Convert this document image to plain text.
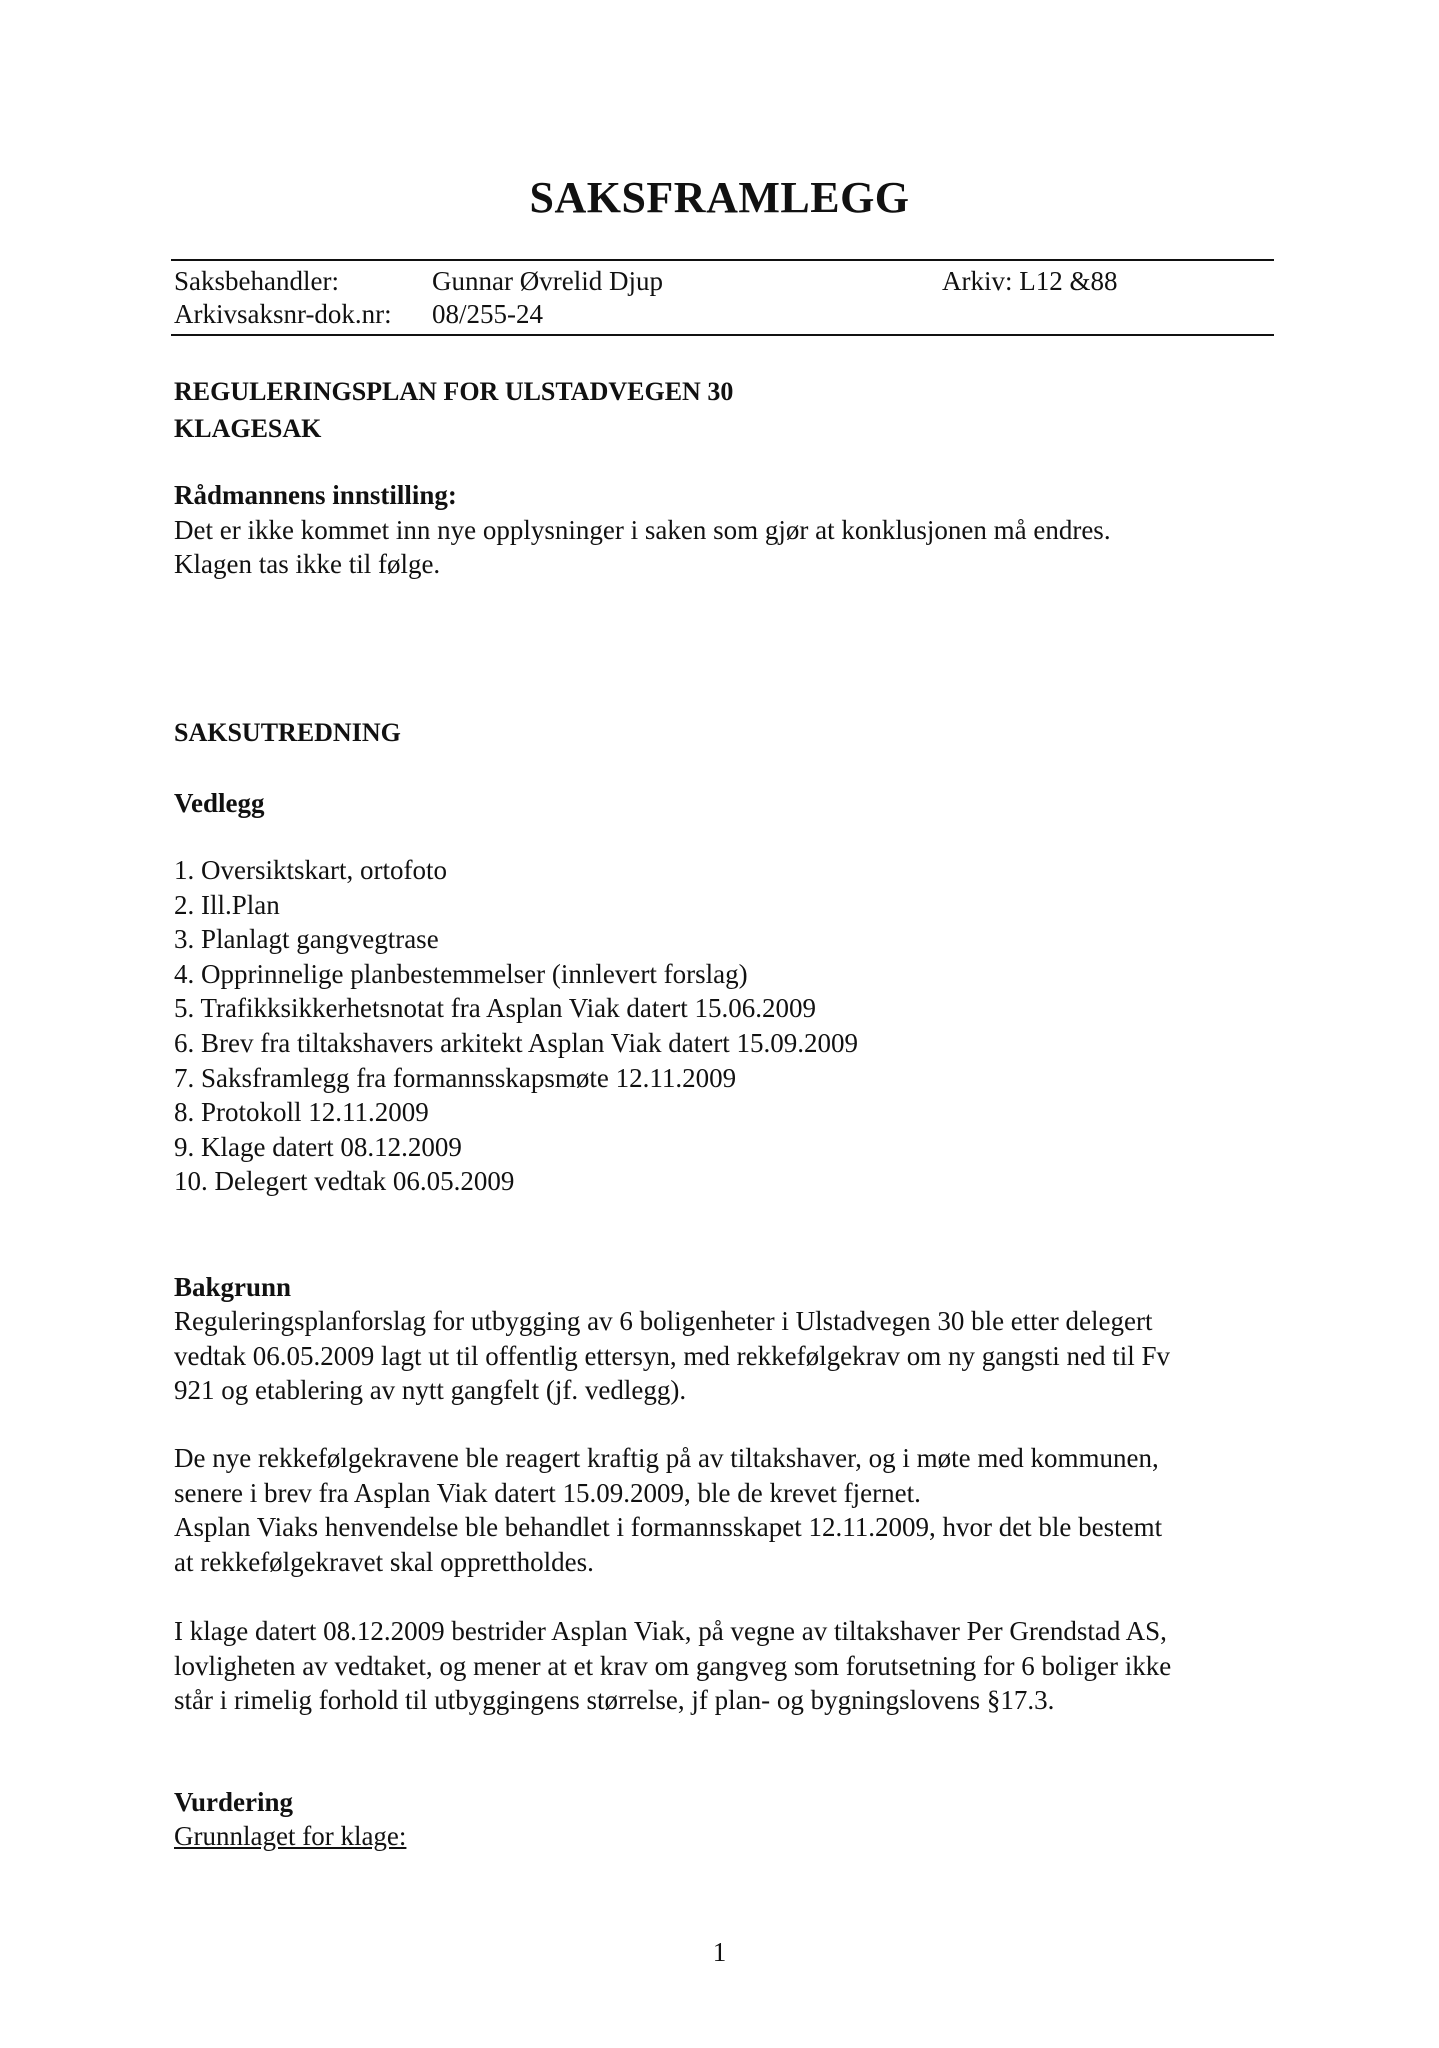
SAKSFRAMLEGG
Saksbehandler:	Gunnar Øvrelid Djup	Arkiv: L12 &88
Arkivsaksnr-dok.nr: 08/255-24
REGULERINGSPLAN FOR ULSTADVEGEN 30
KLAGESAK
Rådmannens innstilling:
Det er ikke kommet inn nye opplysninger i saken som gjør at konklusjonen må endres.
Klagen tas ikke til følge.
SAKSUTREDNING
Vedlegg
1. Oversiktskart, ortofoto
2. Ill.Plan
3. Planlagt gangvegtrase
4. Opprinnelige planbestemmelser (innlevert forslag)
5. Trafikksikkerhetsnotat fra Asplan Viak datert 15.06.2009
6. Brev fra tiltakshavers arkitekt Asplan Viak datert 15.09.2009
7. Saksframlegg fra formannsskapsmøte 12.11.2009
8. Protokoll 12.11.2009
9. Klage datert 08.12.2009
10. Delegert vedtak 06.05.2009
Bakgrunn
Reguleringsplanforslag for utbygging av 6 boligenheter i Ulstadvegen 30 ble etter delegert
vedtak 06.05.2009 lagt ut til offentlig ettersyn, med rekkefølgekrav om ny gangsti ned til Fv
921 og etablering av nytt gangfelt (jf. vedlegg).
De nye rekkefølgekravene ble reagert kraftig på av tiltakshaver, og i møte med kommunen,
senere i brev fra Asplan Viak datert 15.09.2009, ble de krevet fjernet.
Asplan Viaks henvendelse ble behandlet i formannsskapet 12.11.2009, hvor det ble bestemt
at rekkefølgekravet skal opprettholdes.
I klage datert 08.12.2009 bestrider Asplan Viak, på vegne av tiltakshaver Per Grendstad AS,
lovligheten av vedtaket, og mener at et krav om gangveg som forutsetning for 6 boliger ikke
står i rimelig forhold til utbyggingens størrelse, jf plan- og bygningslovens §17.3.
Vurdering
Grunnlaget for klage:
1
